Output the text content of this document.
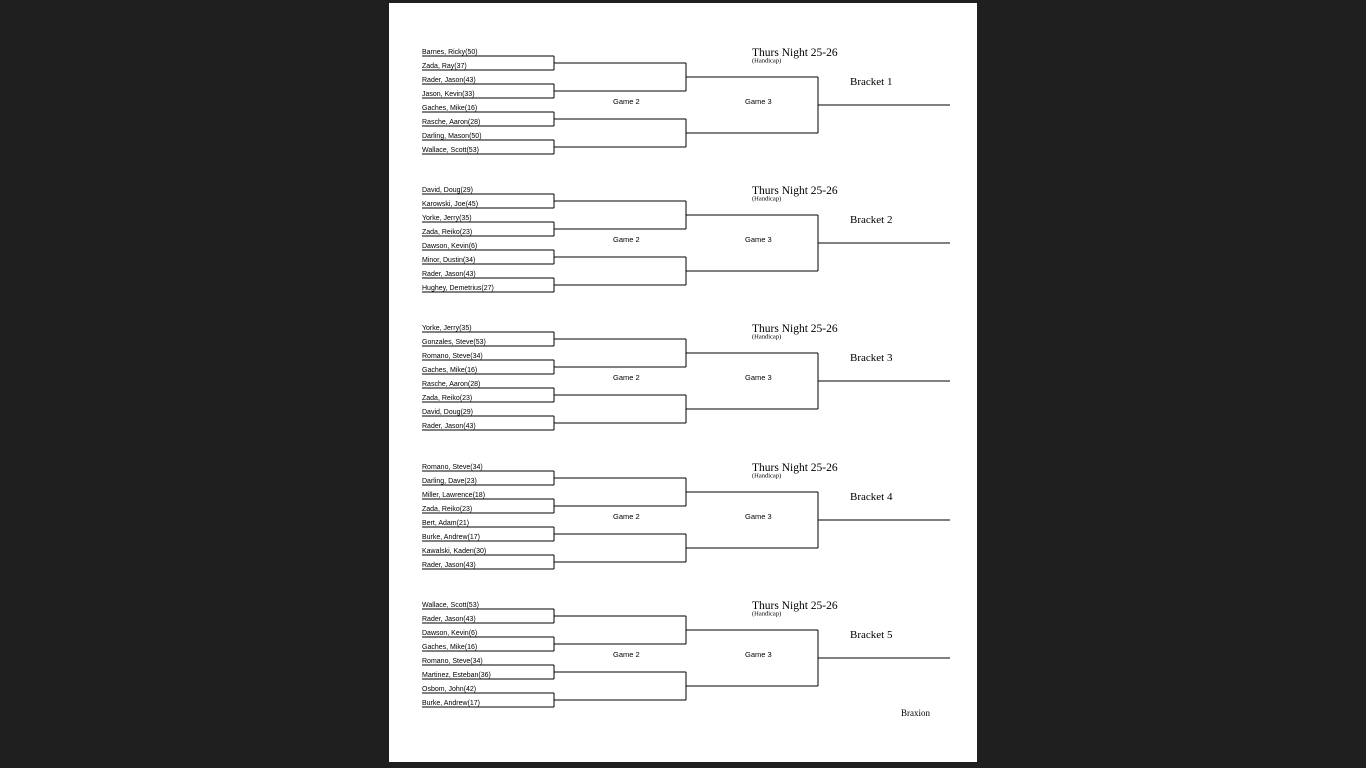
Braxion
Barnes, Ricky(50)
Zada, Ray(37)
Rader, Jason(43)
Jason, Kevin(33)
Gaches, Mike(16)
Rasche, Aaron(28)
Darling, Mason(50)
Wallace, Scott(53)
Game 2	Game 3
Thurs Night 25-26
(Handicap)
Bracket 1
David, Doug(29)
Karowski, Joe(45)
Yorke, Jerry(35)
Zada, Reiko(23)
Dawson, Kevin(6)
Minor, Dustin(34)
Rader, Jason(43)
Hughey, Demetrius(27)
Game 2	Game 3
Thurs Night 25-26
(Handicap)
Bracket 2
Yorke, Jerry(35)
Gonzales, Steve(53)
Romano, Steve(34)
Gaches, Mike(16)
Rasche, Aaron(28)
Zada, Reiko(23)
David, Doug(29)
Rader, Jason(43)
Game 2	Game 3
Thurs Night 25-26
(Handicap)
Bracket 3
Romano, Steve(34)
Darling, Dave(23)
Miller, Lawrence(18)
Zada, Reiko(23)
Bert, Adam(21)
Burke, Andrew(17)
Kawalski, Kaden(30)
Rader, Jason(43)
Game 2	Game 3
Thurs Night 25-26
(Handicap)
Bracket 4
Wallace, Scott(53)
Rader, Jason(43)
Dawson, Kevin(6)
Gaches, Mike(16)
Romano, Steve(34)
Martinez, Esteban(36)
Osbom, John(42)
Burke, Andrew(17)
Game 2	Game 3
Thurs Night 25-26
(Handicap)
Bracket 5
